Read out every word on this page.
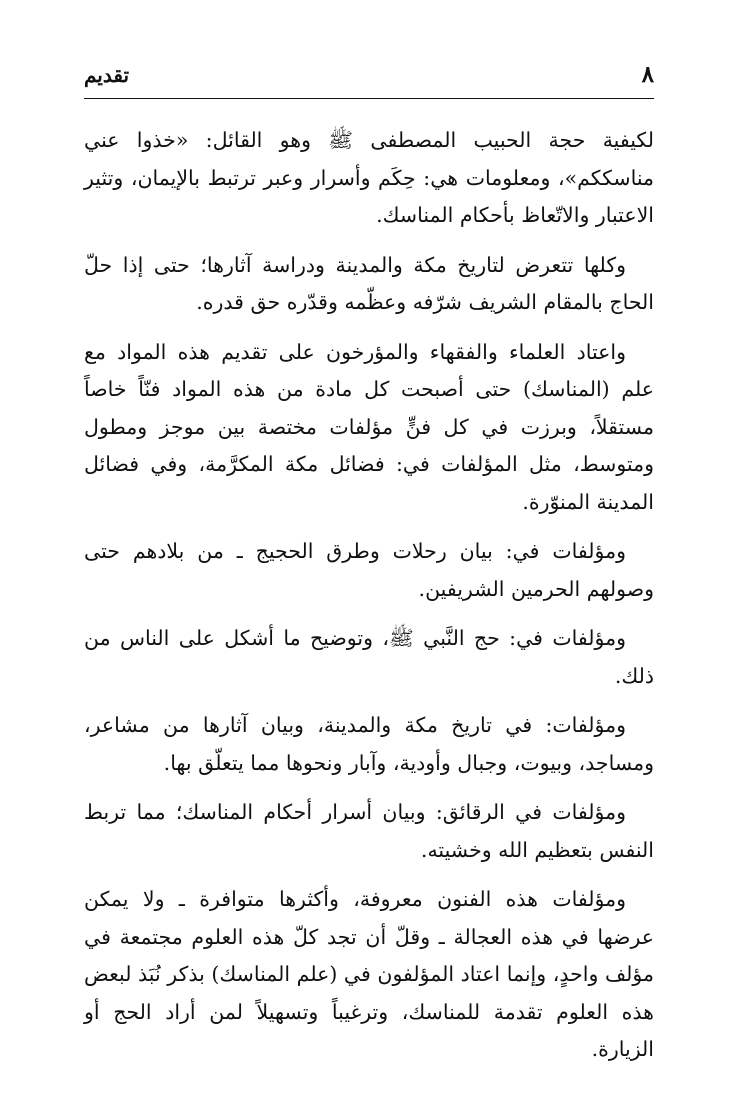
٨
تقديم

لكيفية حجة الحبيب المصطفى ﷺ وهو القائل: «خذوا عني مناسككم»، ومعلومات هي: حِكَم وأسرار وعبر ترتبط بالإيمان، وتثير الاعتبار والاتّعاظ بأحكام المناسك.

وكلها تتعرض لتاريخ مكة والمدينة ودراسة آثارها؛ حتى إذا حلّ الحاج بالمقام الشريف شرّفه وعظّمه وقدّره حق قدره.

واعتاد العلماء والفقهاء والمؤرخون على تقديم هذه المواد مع علم (المناسك) حتى أصبحت كل مادة من هذه المواد فنّاً خاصاً مستقلاً، وبرزت في كل فنٍّ مؤلفات مختصة بين موجز ومطول ومتوسط، مثل المؤلفات في: فضائل مكة المكرَّمة، وفي فضائل المدينة المنوّرة.

ومؤلفات في: بيان رحلات وطرق الحجيج ـ من بلادهم حتى وصولهم الحرمين الشريفين.

ومؤلفات في: حج النَّبي ﷺ، وتوضيح ما أشكل على الناس من ذلك.

ومؤلفات: في تاريخ مكة والمدينة، وبيان آثارها من مشاعر، ومساجد، وبيوت، وجبال وأودية، وآبار ونحوها مما يتعلّق بها.

ومؤلفات في الرقائق: وبيان أسرار أحكام المناسك؛ مما تربط النفس بتعظيم الله وخشيته.

ومؤلفات هذه الفنون معروفة، وأكثرها متوافرة ـ ولا يمكن عرضها في هذه العجالة ـ وقلّ أن تجد كلّ هذه العلوم مجتمعة في مؤلف واحدٍ، وإنما اعتاد المؤلفون في (علم المناسك) بذكر نُبَذ لبعض هذه العلوم تقدمة للمناسك، وترغيباً وتسهيلاً لمن أراد الحج أو الزيارة.
